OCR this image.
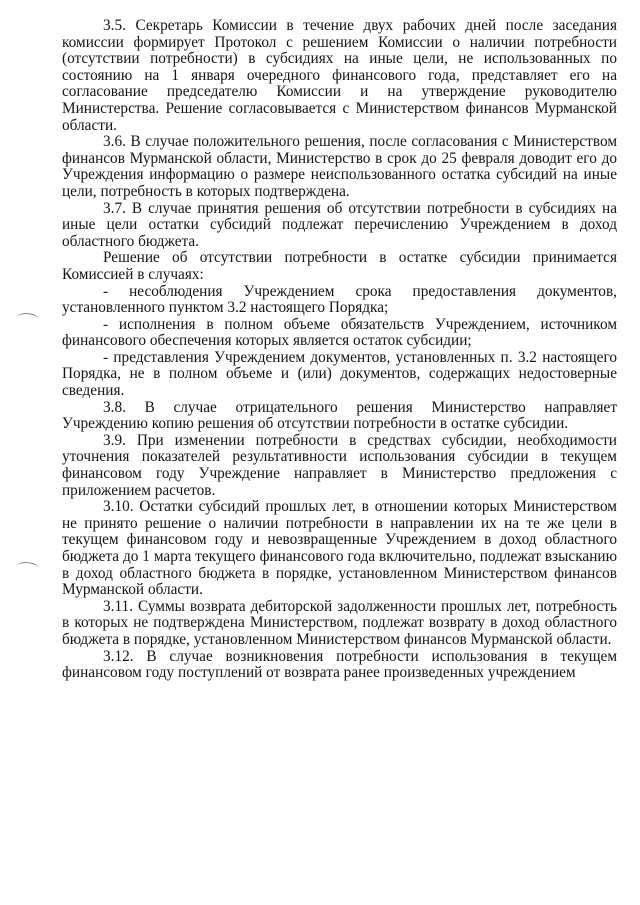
3.5. Секретарь Комиссии в течение двух рабочих дней после заседания комиссии формирует Протокол с решением Комиссии о наличии потребности (отсутствии потребности) в субсидиях на иные цели, не использованных по состоянию на 1 января очередного финансового года, представляет его на согласование председателю Комиссии и на утверждение руководителю Министерства. Решение согласовывается с Министерством финансов Мурманской области.

3.6. В случае положительного решения, после согласования с Министерством финансов Мурманской области, Министерство в срок до 25 февраля доводит его до Учреждения информацию о размере неиспользованного остатка субсидий на иные цели, потребность в которых подтверждена.

3.7. В случае принятия решения об отсутствии потребности в субсидиях на иные цели остатки субсидий подлежат перечислению Учреждением в доход областного бюджета.

Решение об отсутствии потребности в остатке субсидии принимается Комиссией в случаях:

- несоблюдения Учреждением срока предоставления документов, установленного пунктом 3.2 настоящего Порядка;

- исполнения в полном объеме обязательств Учреждением, источником финансового обеспечения которых является остаток субсидии;

- представления Учреждением документов, установленных п. 3.2 настоящего Порядка, не в полном объеме и (или) документов, содержащих недостоверные сведения.

3.8. В случае отрицательного решения Министерство направляет Учреждению копию решения об отсутствии потребности в остатке субсидии.

3.9. При изменении потребности в средствах субсидии, необходимости уточнения показателей результативности использования субсидии в текущем финансовом году Учреждение направляет в Министерство предложения с приложением расчетов.

3.10. Остатки субсидий прошлых лет, в отношении которых Министерством не принято решение о наличии потребности в направлении их на те же цели в текущем финансовом году и невозвращенные Учреждением в доход областного бюджета до 1 марта текущего финансового года включительно, подлежат взысканию в доход областного бюджета в порядке, установленном Министерством финансов Мурманской области.

3.11. Суммы возврата дебиторской задолженности прошлых лет, потребность в которых не подтверждена Министерством, подлежат возврату в доход областного бюджета в порядке, установленном Министерством финансов Мурманской области.

3.12. В случае возникновения потребности использования в текущем финансовом году поступлений от возврата ранее произведенных учреждением
